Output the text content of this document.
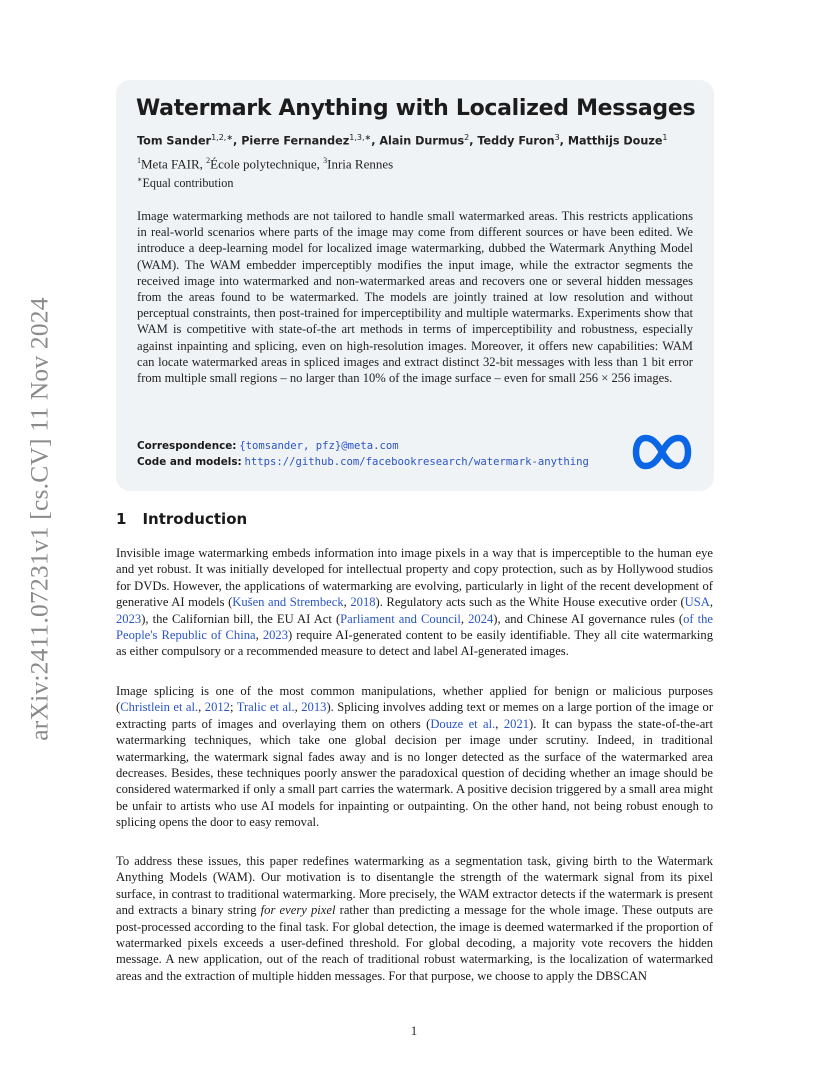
arXiv:2411.07231v1 [cs.CV] 11 Nov 2024
Watermark Anything with Localized Messages

Tom Sander$^{1,2,∗}$, Pierre Fernandez$^{1,3,∗}$, Alain Durmus$^2$, Teddy Furon$^3$, Matthijs Douze$^1$

$^1$Meta FAIR, $^2$École polytechnique, $^3$Inria Rennes

∗Equal contribution

Image watermarking methods are not tailored to handle small watermarked areas. This restricts applications in real-world scenarios where parts of the image may come from different sources or have been edited. We introduce a deep-learning model for localized image watermarking, dubbed the Watermark Anything Model (WAM). The WAM embedder imperceptibly modifies the input image, while the extractor segments the received image into watermarked and non-watermarked areas and recovers one or several hidden messages from the areas found to be watermarked. The models are jointly trained at low resolution and without perceptual constraints, then post-trained for imperceptibility and multiple watermarks. Experiments show that WAM is competitive with state-of-the art methods in terms of imperceptibility and robustness, especially against inpainting and splicing, even on high-resolution images. Moreover, it offers new capabilities: WAM can locate watermarked areas in spliced images and extract distinct 32-bit messages with less than 1 bit error from multiple small regions – no larger than 10% of the image surface – even for small 256 × 256 images.

Correspondence: {tomsander, pfz}@meta.com

Code and models: https://github.com/facebookresearch/watermark-anything

1 Introduction

Invisible image watermarking embeds information into image pixels in a way that is imperceptible to the human eye and yet robust. It was initially developed for intellectual property and copy protection, such as by Hollywood studios for DVDs. However, the applications of watermarking are evolving, particularly in light of the recent development of generative AI models (Kušen and Strembeck, 2018). Regulatory acts such as the White House executive order (USA, 2023), the Californian bill, the EU AI Act (Parliament and Council, 2024), and Chinese AI governance rules (of the People's Republic of China, 2023) require AI-generated content to be easily identifiable. They all cite watermarking as either compulsory or a recommended measure to detect and label AI-generated images.

Image splicing is one of the most common manipulations, whether applied for benign or malicious purposes (Christlein et al., 2012; Tralic et al., 2013). Splicing involves adding text or memes on a large portion of the image or extracting parts of images and overlaying them on others (Douze et al., 2021). It can bypass the state-of-the-art watermarking techniques, which take one global decision per image under scrutiny. Indeed, in traditional watermarking, the watermark signal fades away and is no longer detected as the surface of the watermarked area decreases. Besides, these techniques poorly answer the paradoxical question of deciding whether an image should be considered watermarked if only a small part carries the watermark. A positive decision triggered by a small area might be unfair to artists who use AI models for inpainting or outpainting. On the other hand, not being robust enough to splicing opens the door to easy removal.

To address these issues, this paper redefines watermarking as a segmentation task, giving birth to the Watermark Anything Models (WAM). Our motivation is to disentangle the strength of the watermark signal from its pixel surface, in contrast to traditional watermarking. More precisely, the WAM extractor detects if the watermark is present and extracts a binary string for every pixel rather than predicting a message for the whole image. These outputs are post-processed according to the final task. For global detection, the image is deemed watermarked if the proportion of watermarked pixels exceeds a user-defined threshold. For global decoding, a majority vote recovers the hidden message. A new application, out of the reach of traditional robust watermarking, is the localization of watermarked areas and the extraction of multiple hidden messages. For that purpose, we choose to apply the DBSCAN

1
